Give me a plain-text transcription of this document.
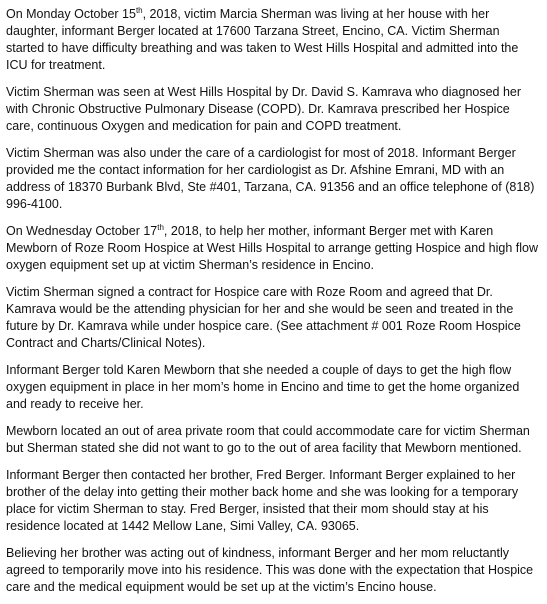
On Monday October 15th, 2018, victim Marcia Sherman was living at her house with her daughter, informant Berger located at 17600 Tarzana Street, Encino, CA. Victim Sherman started to have difficulty breathing and was taken to West Hills Hospital and admitted into the ICU for treatment.

Victim Sherman was seen at West Hills Hospital by Dr. David S. Kamrava who diagnosed her with Chronic Obstructive Pulmonary Disease (COPD). Dr. Kamrava prescribed her Hospice care, continuous Oxygen and medication for pain and COPD treatment.

Victim Sherman was also under the care of a cardiologist for most of 2018. Informant Berger provided me the contact information for her cardiologist as Dr. Afshine Emrani, MD with an address of 18370 Burbank Blvd, Ste #401, Tarzana, CA. 91356 and an office telephone of (818) 996-4100.

On Wednesday October 17th, 2018, to help her mother, informant Berger met with Karen Mewborn of Roze Room Hospice at West Hills Hospital to arrange getting Hospice and high flow oxygen equipment set up at victim Sherman’s residence in Encino.

Victim Sherman signed a contract for Hospice care with Roze Room and agreed that Dr. Kamrava would be the attending physician for her and she would be seen and treated in the future by Dr. Kamrava while under hospice care. (See attachment # 001 Roze Room Hospice Contract and Charts/Clinical Notes).

Informant Berger told Karen Mewborn that she needed a couple of days to get the high flow oxygen equipment in place in her mom’s home in Encino and time to get the home organized and ready to receive her.

Mewborn located an out of area private room that could accommodate care for victim Sherman but Sherman stated she did not want to go to the out of area facility that Mewborn mentioned.

Informant Berger then contacted her brother, Fred Berger. Informant Berger explained to her brother of the delay into getting their mother back home and she was looking for a temporary place for victim Sherman to stay. Fred Berger, insisted that their mom should stay at his residence located at 1442 Mellow Lane, Simi Valley, CA. 93065.

Believing her brother was acting out of kindness, informant Berger and her mom reluctantly agreed to temporarily move into his residence. This was done with the expectation that Hospice care and the medical equipment would be set up at the victim’s Encino house.
